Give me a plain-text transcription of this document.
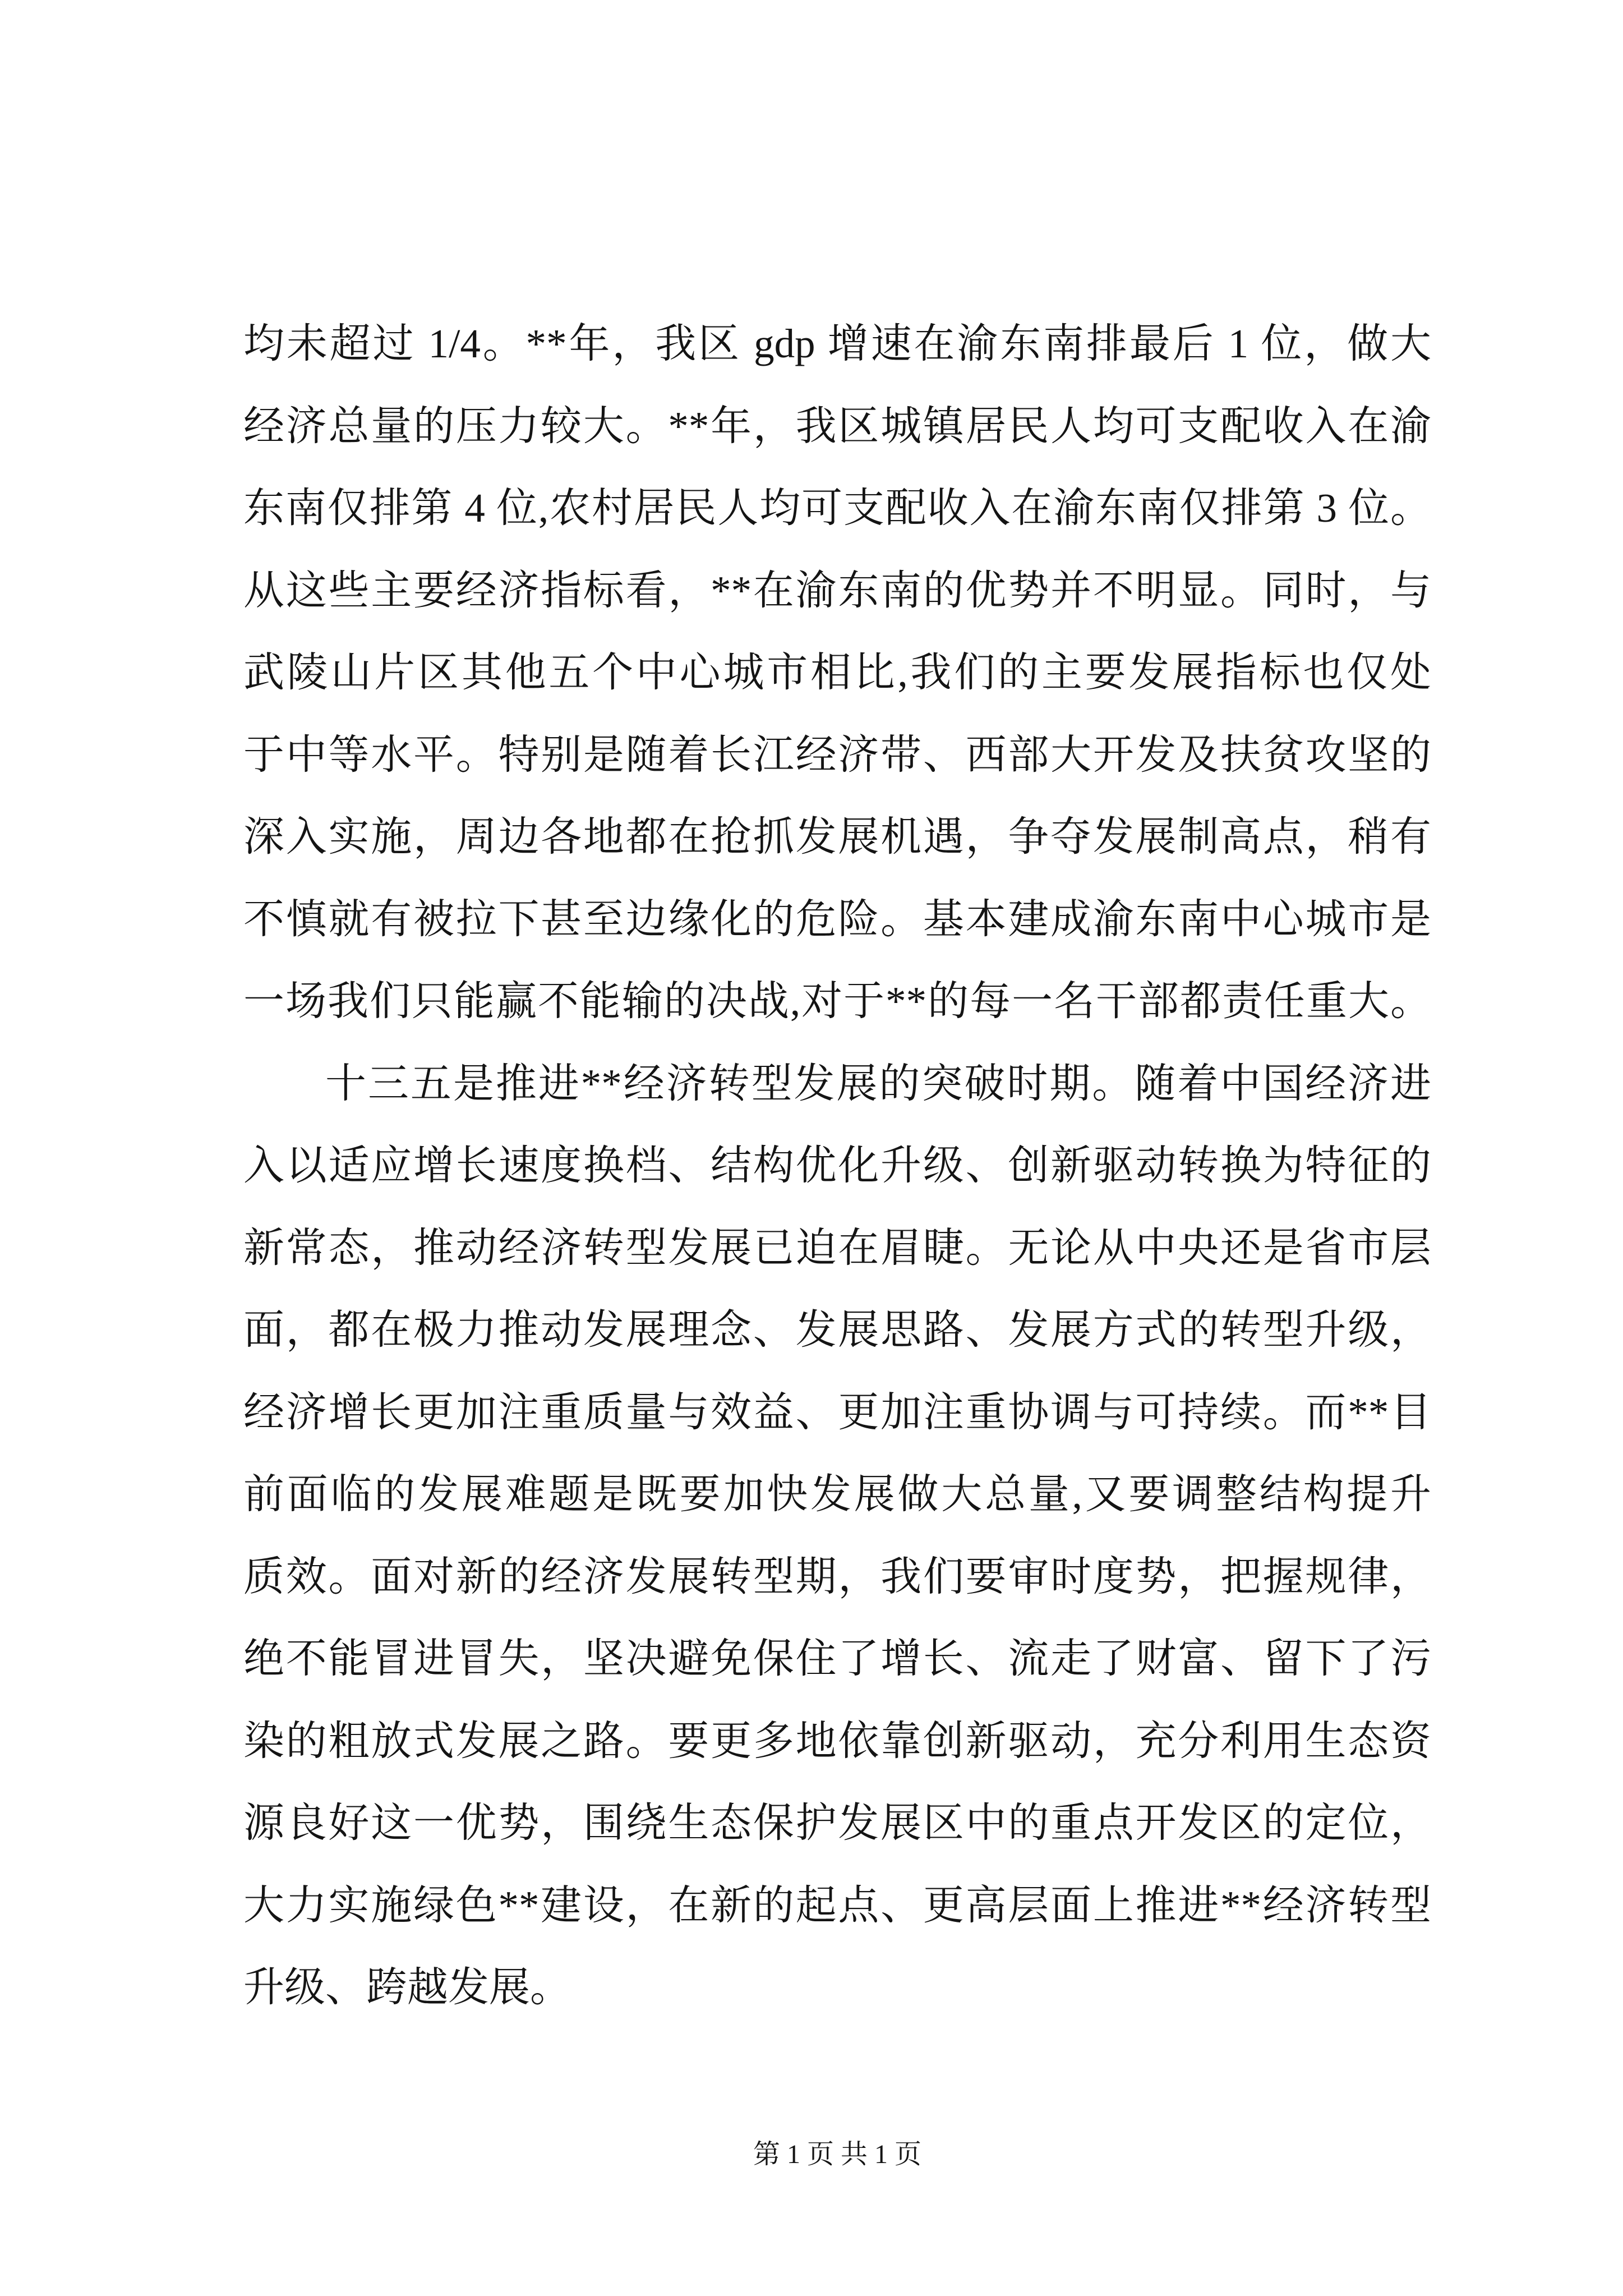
均未超过 1/4。**年，我区 gdp 增速在渝东南排最后 1 位，做大
经济总量的压力较大。**年，我区城镇居民人均可支配收入在渝
东南仅排第 4 位,农村居民人均可支配收入在渝东南仅排第 3 位。
从这些主要经济指标看，**在渝东南的优势并不明显。同时，与
武陵山片区其他五个中心城市相比,我们的主要发展指标也仅处
于中等水平。特别是随着长江经济带、西部大开发及扶贫攻坚的
深入实施，周边各地都在抢抓发展机遇，争夺发展制高点，稍有
不慎就有被拉下甚至边缘化的危险。基本建成渝东南中心城市是
一场我们只能赢不能输的决战,对于**的每一名干部都责任重大。
十三五是推进**经济转型发展的突破时期。随着中国经济进
入以适应增长速度换档、结构优化升级、创新驱动转换为特征的
新常态，推动经济转型发展已迫在眉睫。无论从中央还是省市层
面，都在极力推动发展理念、发展思路、发展方式的转型升级，
经济增长更加注重质量与效益、更加注重协调与可持续。而**目
前面临的发展难题是既要加快发展做大总量,又要调整结构提升
质效。面对新的经济发展转型期，我们要审时度势，把握规律，
绝不能冒进冒失，坚决避免保住了增长、流走了财富、留下了污
染的粗放式发展之路。要更多地依靠创新驱动，充分利用生态资
源良好这一优势，围绕生态保护发展区中的重点开发区的定位，
大力实施绿色**建设，在新的起点、更高层面上推进**经济转型
升级、跨越发展。
第 1 页 共 1 页
